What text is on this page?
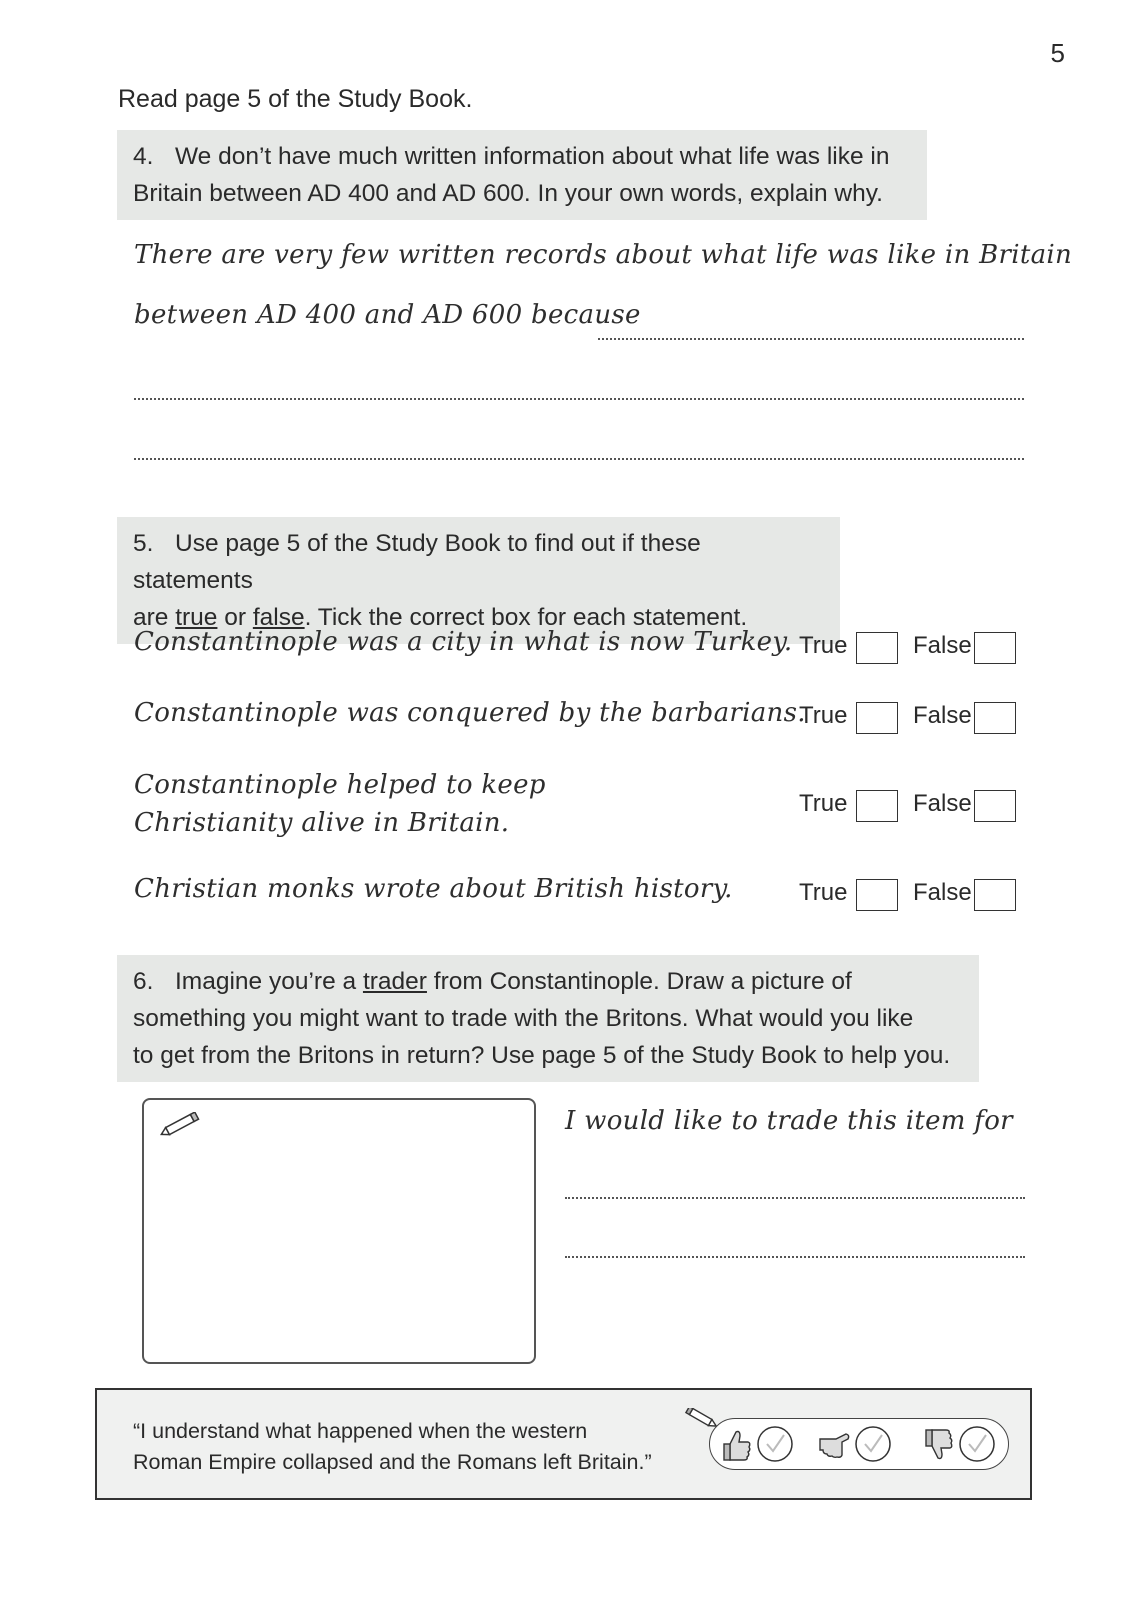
5
Read page 5 of the Study Book.
4. We don’t have much written information about what life was like in
Britain between AD 400 and AD 600. In your own words, explain why.
There are very few written records about what life was like in Britain
between AD 400 and AD 600 because
5. Use page 5 of the Study Book to find out if these statements
are true or false. Tick the correct box for each statement.
Constantinople was a city in what is now Turkey. True	False
Constantinople was conquered by the barbarians.
True	False
Constantinople helped to keep
Christianity alive in Britain.
True	False
Christian monks wrote about British history.	True	False
6. Imagine you’re a trader from Constantinople. Draw a picture of
something you might want to trade with the Britons. What would you like
to get from the Britons in return? Use page 5 of the Study Book to help you.
I would like to trade this item for
“I understand what happened when the western
Roman Empire collapsed and the Romans left Britain.”
